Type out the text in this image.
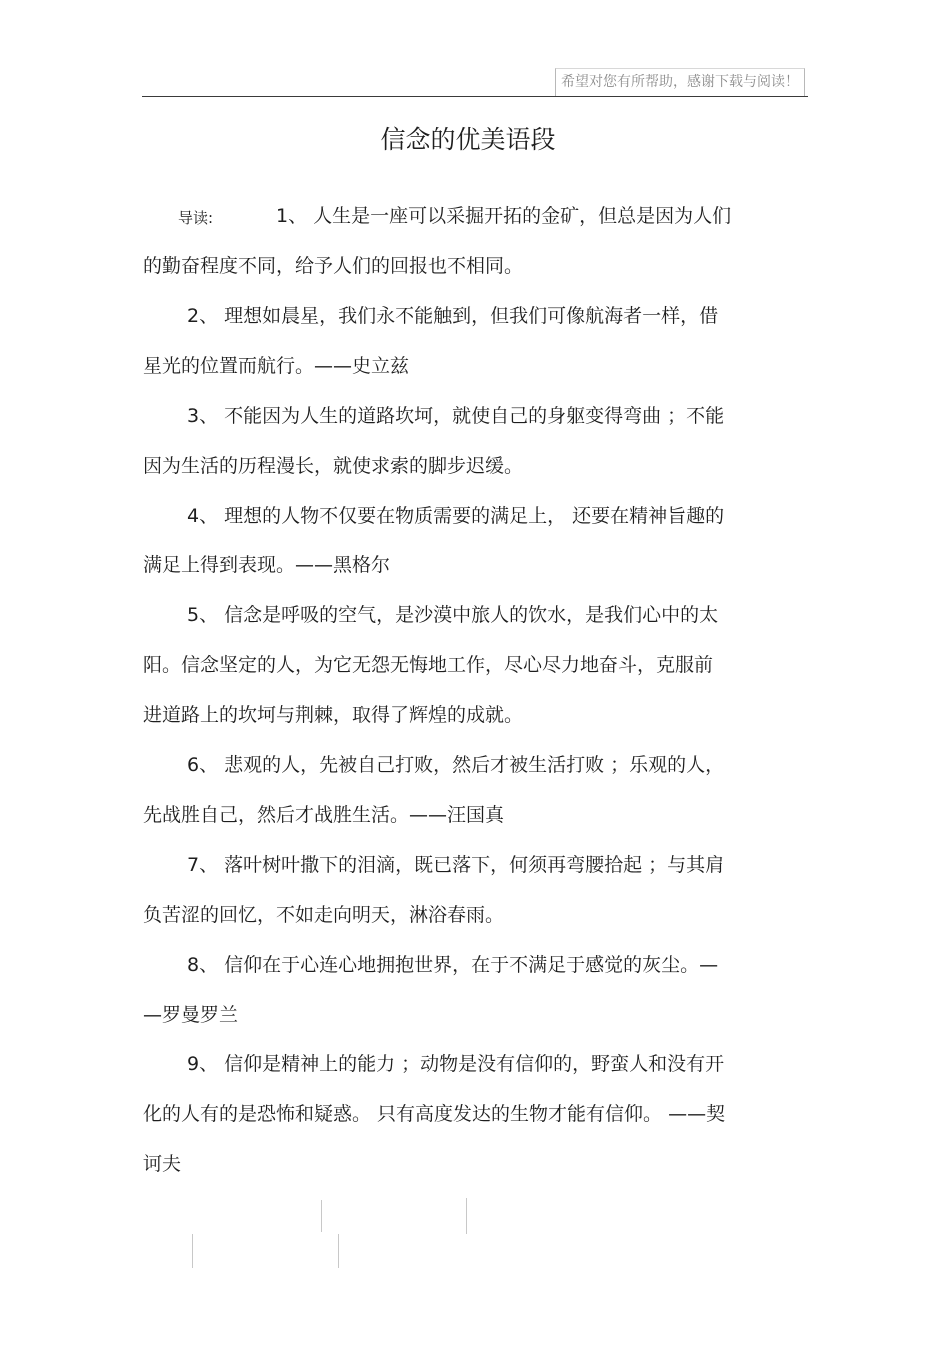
希望对您有所帮助，感谢下载与阅读！
信念的优美语段
导读:	1、 人生是一座可以采掘开拓的金矿，但总是因为人们
的勤奋程度不同，给予人们的回报也不相同。
2、 理想如晨星，我们永不能触到，但我们可像航海者一样，借
星光的位置而航行。——史立兹
3、 不能因为人生的道路坎坷，就使自己的身躯变得弯曲 ；不能
因为生活的历程漫长，就使求索的脚步迟缓。
4、 理想的人物不仅要在物质需要的满足上， 还要在精神旨趣的
满足上得到表现。——黑格尔
5、 信念是呼吸的空气，是沙漠中旅人的饮水，是我们心中的太
阳。信念坚定的人，为它无怨无悔地工作，尽心尽力地奋斗，克服前
进道路上的坎坷与荆棘，取得了辉煌的成就。
6、 悲观的人，先被自己打败，然后才被生活打败 ；乐观的人，
先战胜自己，然后才战胜生活。——汪国真
7、 落叶树叶撒下的泪滴，既已落下，何须再弯腰拾起 ；与其肩
负苦涩的回忆，不如走向明天，淋浴春雨。
8、 信仰在于心连心地拥抱世界，在于不满足于感觉的灰尘。—
—罗曼罗兰
9、 信仰是精神上的能力 ；动物是没有信仰的，野蛮人和没有开
化的人有的是恐怖和疑惑。 只有高度发达的生物才能有信仰。 ——契
诃夫
